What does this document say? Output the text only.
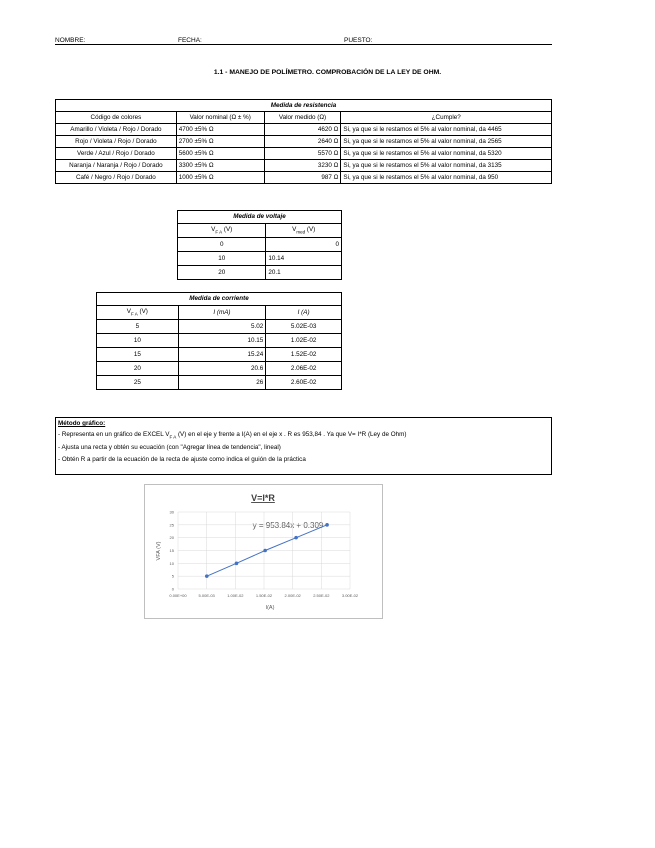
NOMBRE:	FECHA:	PUESTO:
1.1 - MANEJO DE POLÍMETRO. COMPROBACIÓN DE LA LEY DE OHM.
Medida de resistencia			
Código de colores	Valor nominal (Ω ± %)	Valor medido (Ω)	¿Cumple?
Amarillo / Violeta / Rojo / Dorado	4700 ±5% Ω	4620 Ω	Si, ya que si le restamos el 5% al valor nominal, da 4465
Rojo / Violeta / Rojo / Dorado	2700 ±5% Ω	2640 Ω	Si, ya que si le restamos el 5% al valor nominal, da 2565
Verde / Azul / Rojo / Dorado	5600 ±5% Ω	5570 Ω	Si, ya que si le restamos el 5% al valor nominal, da 5320
Naranja / Naranja / Rojo / Dorado	3300 ±5% Ω	3230 Ω	Si, ya que si le restamos el 5% al valor nominal, da 3135
Café / Negro / Rojo / Dorado	1000 ±5% Ω	987 Ω	Si, ya que si le restamos el 5% al valor nominal, da 950
Medida de voltaje	
$V_{F A}$ (V)	$V_{med}$ (V)
0	0
10	10.14
20	20.1
Medida de corriente		
$V_{F A}$ (V)	I (mA)	I (A)
5	5.02	5.02E-03
10	10.15	1.02E-02
15	15.24	1.52E-02
20	20.6	2.06E-02
25	26	2.60E-02
Método gráfico:
- Representa en un gráfico de EXCEL $V_{F A}$ (V) en el eje y frente a I(A) en el eje x . R es 953,84 . Ya que V= I*R (Ley de Ohm)
- Ajusta una recta y obtén su ecuación (con "Agregar línea de tendencia", lineal)
- Obtén R a partir de la ecuación de la recta de ajuste como indica el guión de la práctica
V=I*R
y = 953.84x + 0.309
I(A)
VFA (V)
0
5
10
15
20
25
30
0.00E+00	5.00E-03	1.00E-02	1.50E-02	2.00E-02	2.50E-02	3.00E-02
